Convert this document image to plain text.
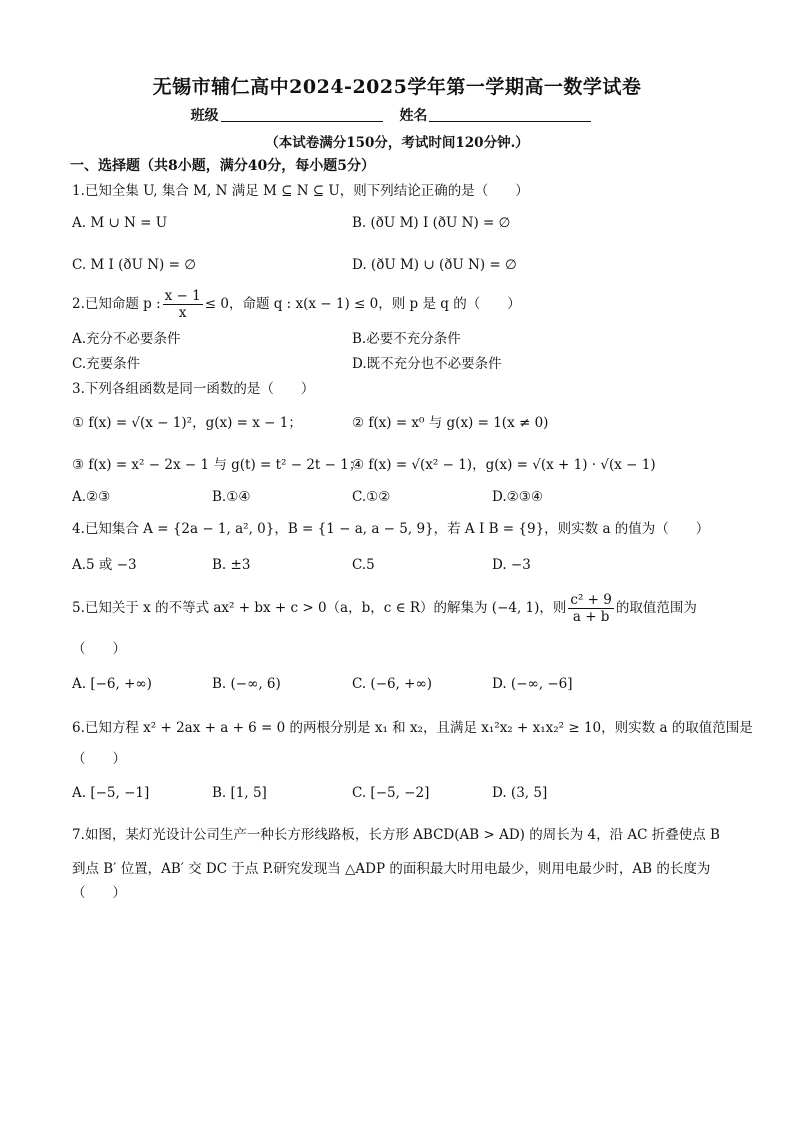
无锡市辅仁高中2024-2025学年第一学期高一数学试卷
班级	姓名
（本试卷满分150分，考试时间120分钟.）
一、选择题（共8小题，满分40分，每小题5分）
1.已知全集 U, 集合 M, N 满足 M ⊆ N ⊆ U，则下列结论正确的是（　　）
A. M ∪ N = U	B. (ðU M) I (ðU N) = ∅
C. M I (ðU N) = ∅	D. (ðU M) ∪ (ðU N) = ∅
2.已知命题 p : $\frac{x - 1}{x} \le 0$，命题 q : x(x − 1) ≤ 0，则 p 是 q 的（　　）
A.充分不必要条件	B.必要不充分条件
C.充要条件	D.既不充分也不必要条件
3.下列各组函数是同一函数的是（　　）
① f(x) = √(x − 1)²，g(x) = x − 1；	② f(x) = x⁰ 与 g(x) = 1(x ≠ 0)
③ f(x) = x² − 2x − 1 与 g(t) = t² − 2t − 1；
④ f(x) = √(x² − 1)，g(x) = √(x + 1) · √(x − 1)
A.②③	B.①④	C.①②	D.②③④
4.已知集合 A = {2a − 1, a², 0}，B = {1 − a, a − 5, 9}，若 A I B = {9}，则实数 a 的值为（　　）
A.5 或 −3	B. ±3	C.5	D. −3
5.已知关于 x 的不等式 ax² + bx + c > 0（a，b，c ∈ R）的解集为 (−4, 1)，则 $\frac{\text{c² + 9}}{a + b}$ 的取值范围为
（　　）
A. [−6, +∞)	B. (−∞, 6)	C. (−6, +∞)	D. (−∞, −6]
6.已知方程 x² + 2ax + a + 6 = 0 的两根分别是 x₁ 和 x₂，且满足 x₁²x₂ + x₁x₂² ≥ 10，则实数 a 的取值范围是
（　　）
A. [−5, −1]	B. [1, 5]	C. [−5, −2]	D. (3, 5]
7.如图，某灯光设计公司生产一种长方形线路板，长方形 ABCD(AB > AD) 的周长为 4，沿 AC 折叠使点 B
到点 B′ 位置，AB′ 交 DC 于点 P.研究发现当 △ADP 的面积最大时用电最少，则用电最少时，AB 的长度为
（　　）
